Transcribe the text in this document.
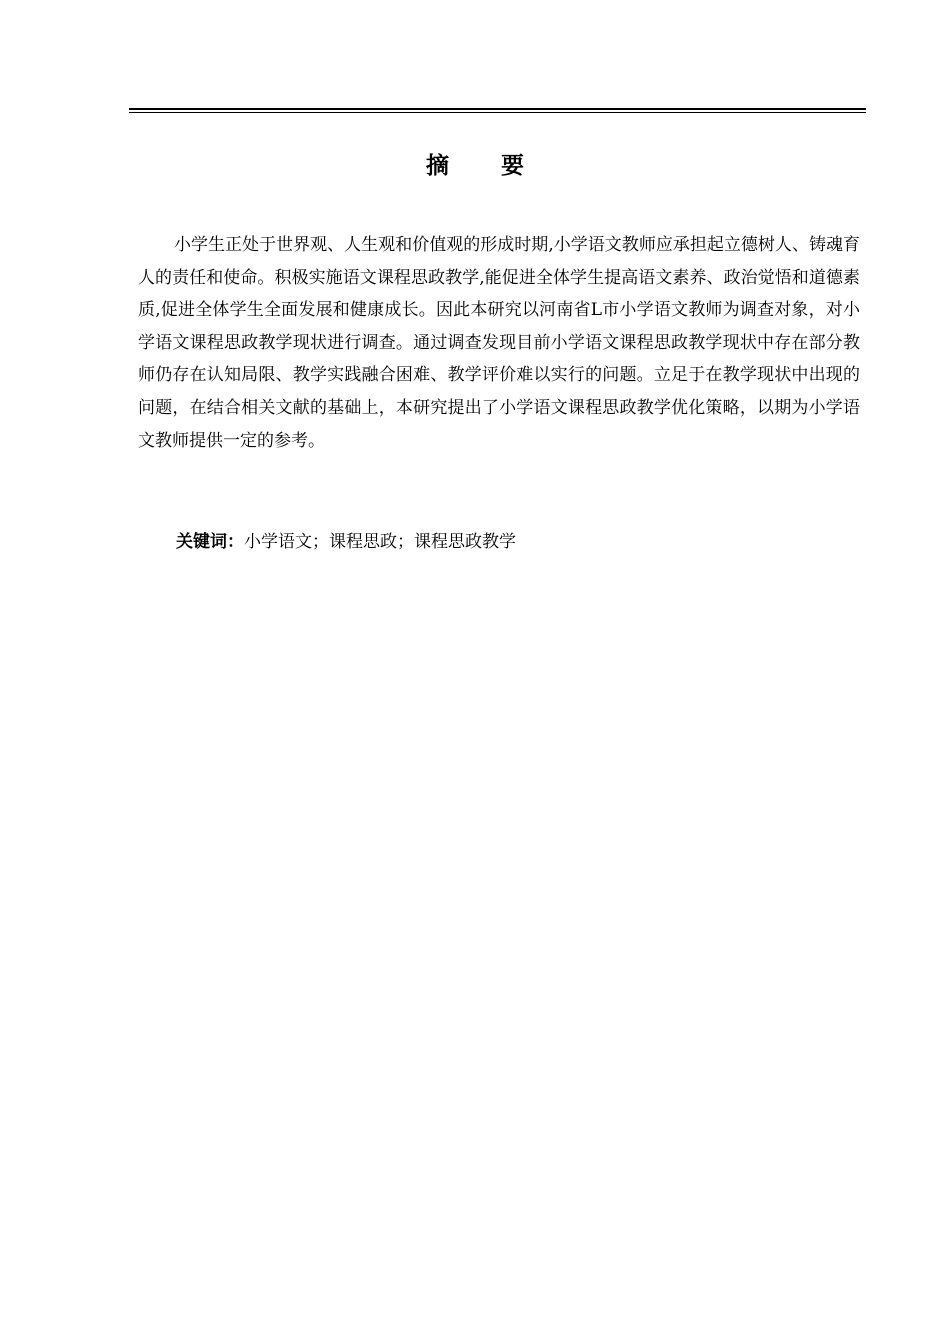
摘 要

小学生正处于世界观、人生观和价值观的形成时期,小学语文教师应承担起立德树人、铸魂育人的责任和使命。积极实施语文课程思政教学,能促进全体学生提高语文素养、政治觉悟和道德素质,促进全体学生全面发展和健康成长。因此本研究以河南省L市小学语文教师为调查对象，对小学语文课程思政教学现状进行调查。通过调查发现目前小学语文课程思政教学现状中存在部分教师仍存在认知局限、教学实践融合困难、教学评价难以实行的问题。立足于在教学现状中出现的问题，在结合相关文献的基础上，本研究提出了小学语文课程思政教学优化策略，以期为小学语文教师提供一定的参考。

关键词：小学语文；课程思政；课程思政教学
